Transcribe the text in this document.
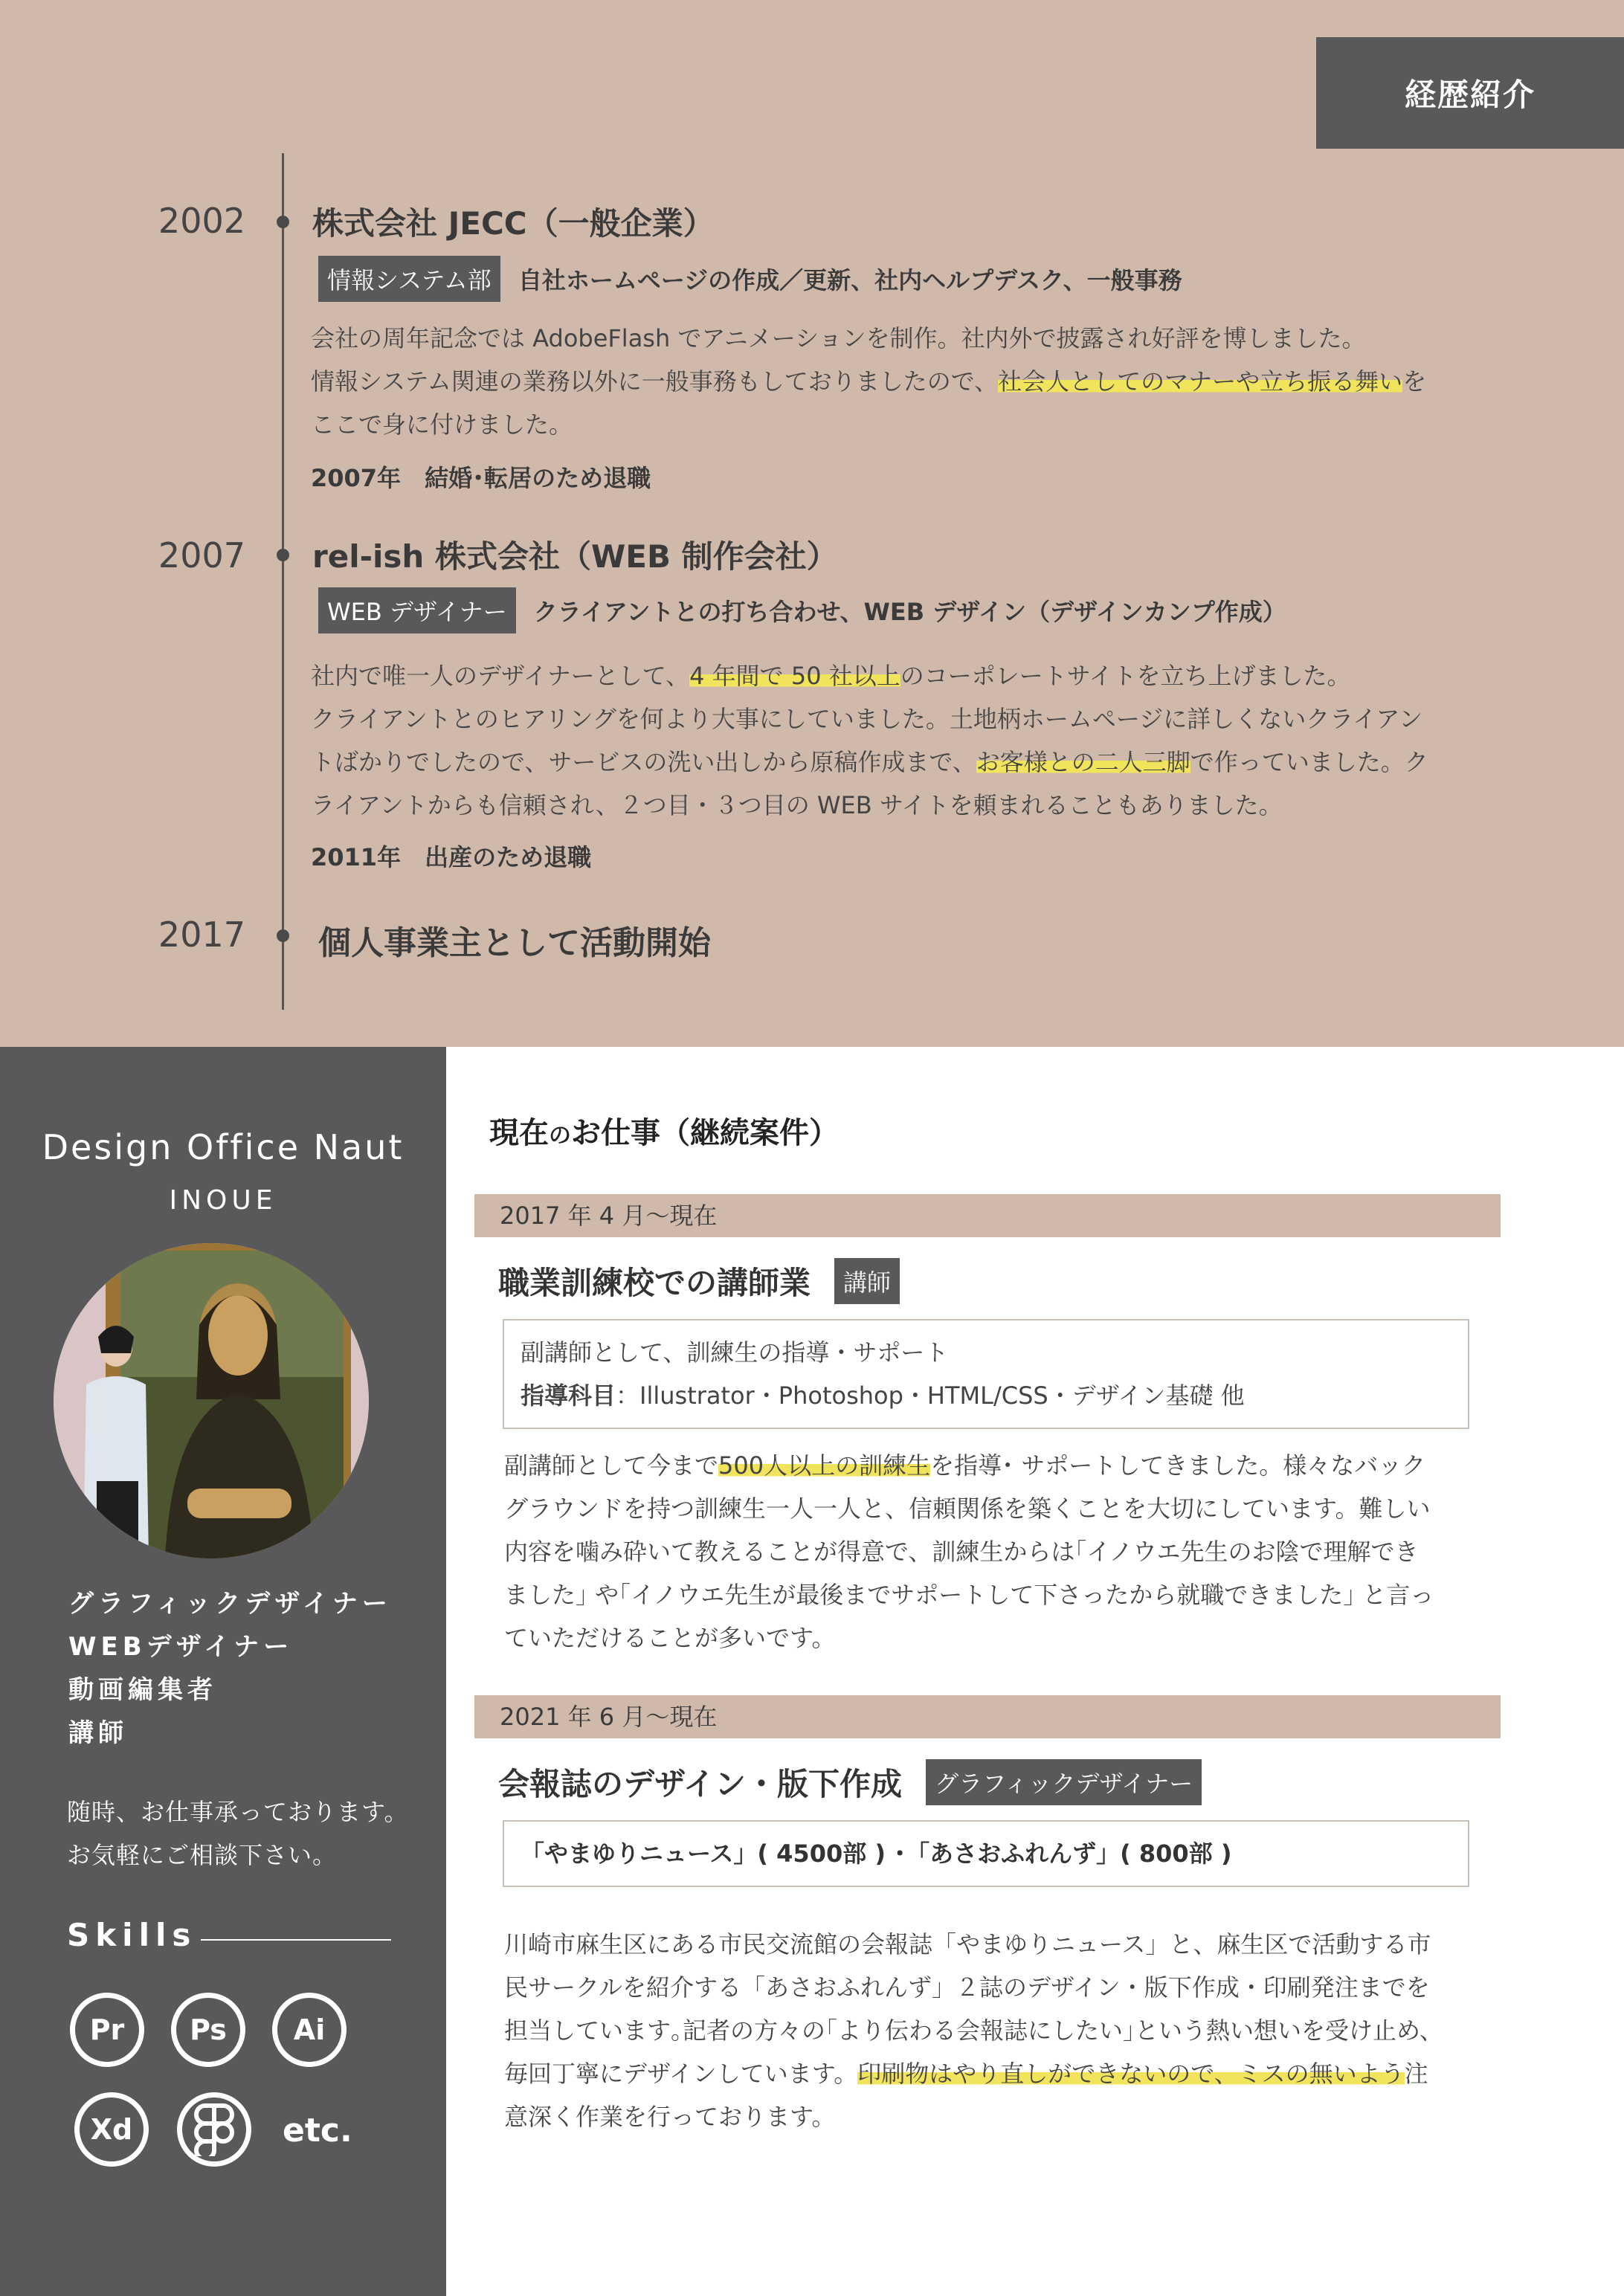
経歴紹介
2002 株式会社 JECC（一般企業）
情報システム部	自社ホームページの作成／更新、社内ヘルプデスク、一般事務
会社の周年記念では AdobeFlash でアニメーションを制作。社内外で披露され好評を博しました。
情報システム関連の業務以外に一般事務もしておりましたので、社会人としてのマナーや立ち振る舞いを
ここで身に付けました。
2007年　結婚･転居のため退職
2007 rel-ish 株式会社（WEB 制作会社）
WEB デザイナー	クライアントとの打ち合わせ、WEB デザイン（デザインカンプ作成）
社内で唯一人のデザイナーとして、4 年間で 50 社以上のコーポレートサイトを立ち上げました。
クライアントとのヒアリングを何より大事にしていました。土地柄ホームページに詳しくないクライアン
トばかりでしたので、サービスの洗い出しから原稿作成まで、お客様との二人三脚で作っていました。ク
ライアントからも信頼され、２つ目・３つ目の WEB サイトを頼まれることもありました。
2011年　出産のため退職
2017 個人事業主として活動開始
Design Office Naut
INOUE
グラフィックデザイナー
WEBデザイナー
動画編集者
講師
随時、お仕事承っております。
お気軽にご相談下さい。
Skills
Pr	Ps	Ai
Xd	etc.
現在のお仕事（継続案件）
2017 年 4 月～現在
職業訓練校での講師業	講師
副講師として、訓練生の指導・サポート
指導科目：Illustrator・Photoshop・HTML/CSS・デザイン基礎 他
副講師として今まで500人以上の訓練生を指導･ サポートしてきました。様々なバック
グラウンドを持つ訓練生一人一人と、信頼関係を築くことを大切にしています。難しい
内容を噛み砕いて教えることが得意で、訓練生からは｢イノウエ先生のお陰で理解でき
ました｣ や｢イノウエ先生が最後までサポートして下さったから就職できました｣ と言っ
ていただけることが多いです。
2021 年 6 月～現在
会報誌のデザイン・版下作成	グラフィックデザイナー
「やまゆりニュース」( 4500部 ) ･「あさおふれんず」( 800部 )
川崎市麻生区にある市民交流館の会報誌「やまゆりニュース」と、麻生区で活動する市
民サークルを紹介する「あさおふれんず」２誌のデザイン・版下作成・印刷発注までを
担当しています｡記者の方々の｢より伝わる会報誌にしたい｣という熱い想いを受け止め、
毎回丁寧にデザインしています。印刷物はやり直しができないので、ミスの無いよう注
意深く作業を行っております。
